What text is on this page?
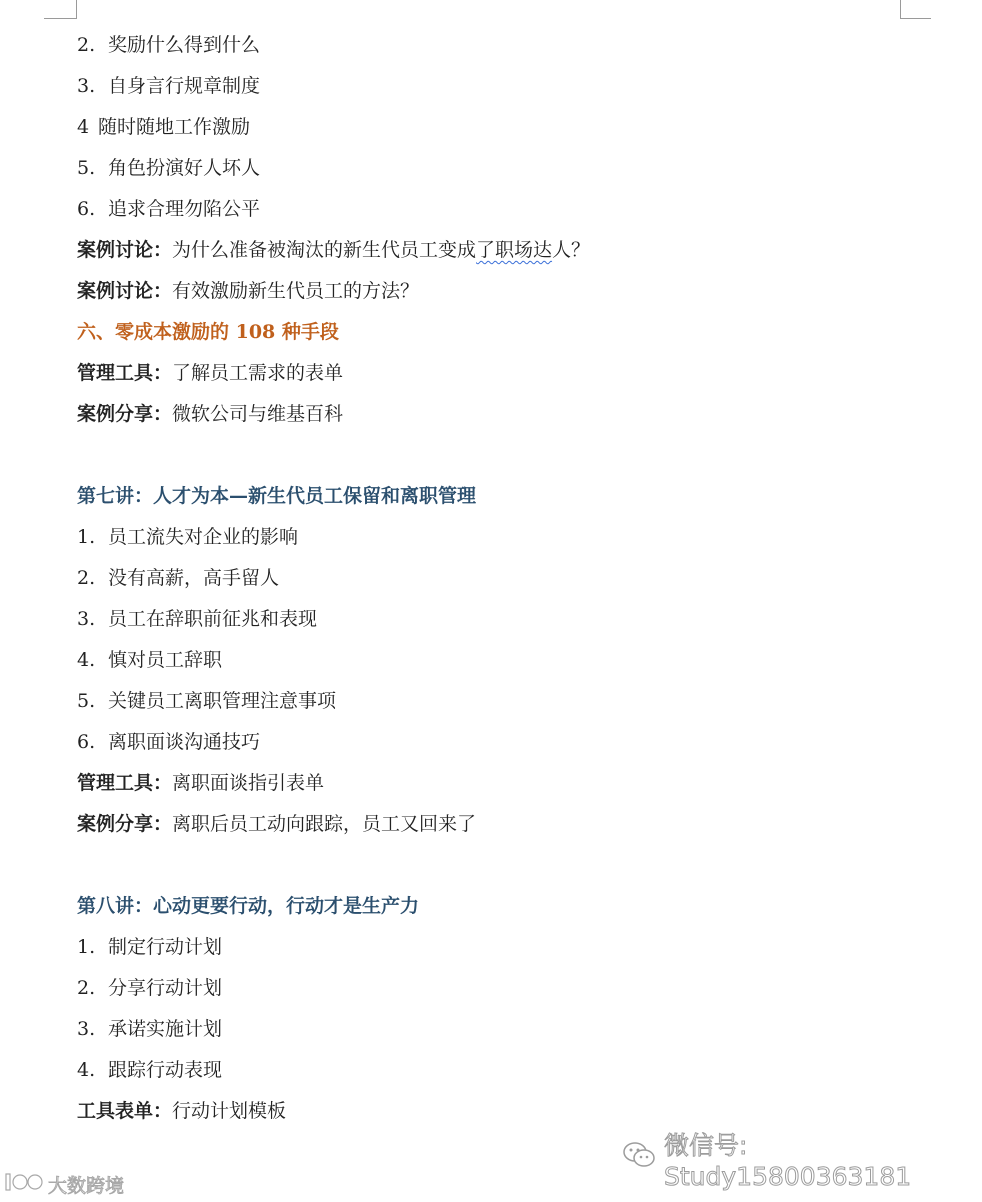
2. 奖励什么得到什么
3. 自身言行规章制度
4 随时随地工作激励
5. 角色扮演好人坏人
6. 追求合理勿陷公平
案例讨论：为什么准备被淘汰的新生代员工变成了职场达人？
案例讨论：有效激励新生代员工的方法？
六、零成本激励的 108 种手段
管理工具：了解员工需求的表单
案例分享：微软公司与维基百科
第七讲：人才为本—新生代员工保留和离职管理
1. 员工流失对企业的影响
2. 没有高薪，高手留人
3. 员工在辞职前征兆和表现
4. 慎对员工辞职
5. 关键员工离职管理注意事项
6. 离职面谈沟通技巧
管理工具：离职面谈指引表单
案例分享：离职后员工动向跟踪，员工又回来了
第八讲：心动更要行动，行动才是生产力
1. 制定行动计划
2. 分享行动计划
3. 承诺实施计划
4. 跟踪行动表现
工具表单：行动计划模板
微信号: Study15800363181
大数跨境
